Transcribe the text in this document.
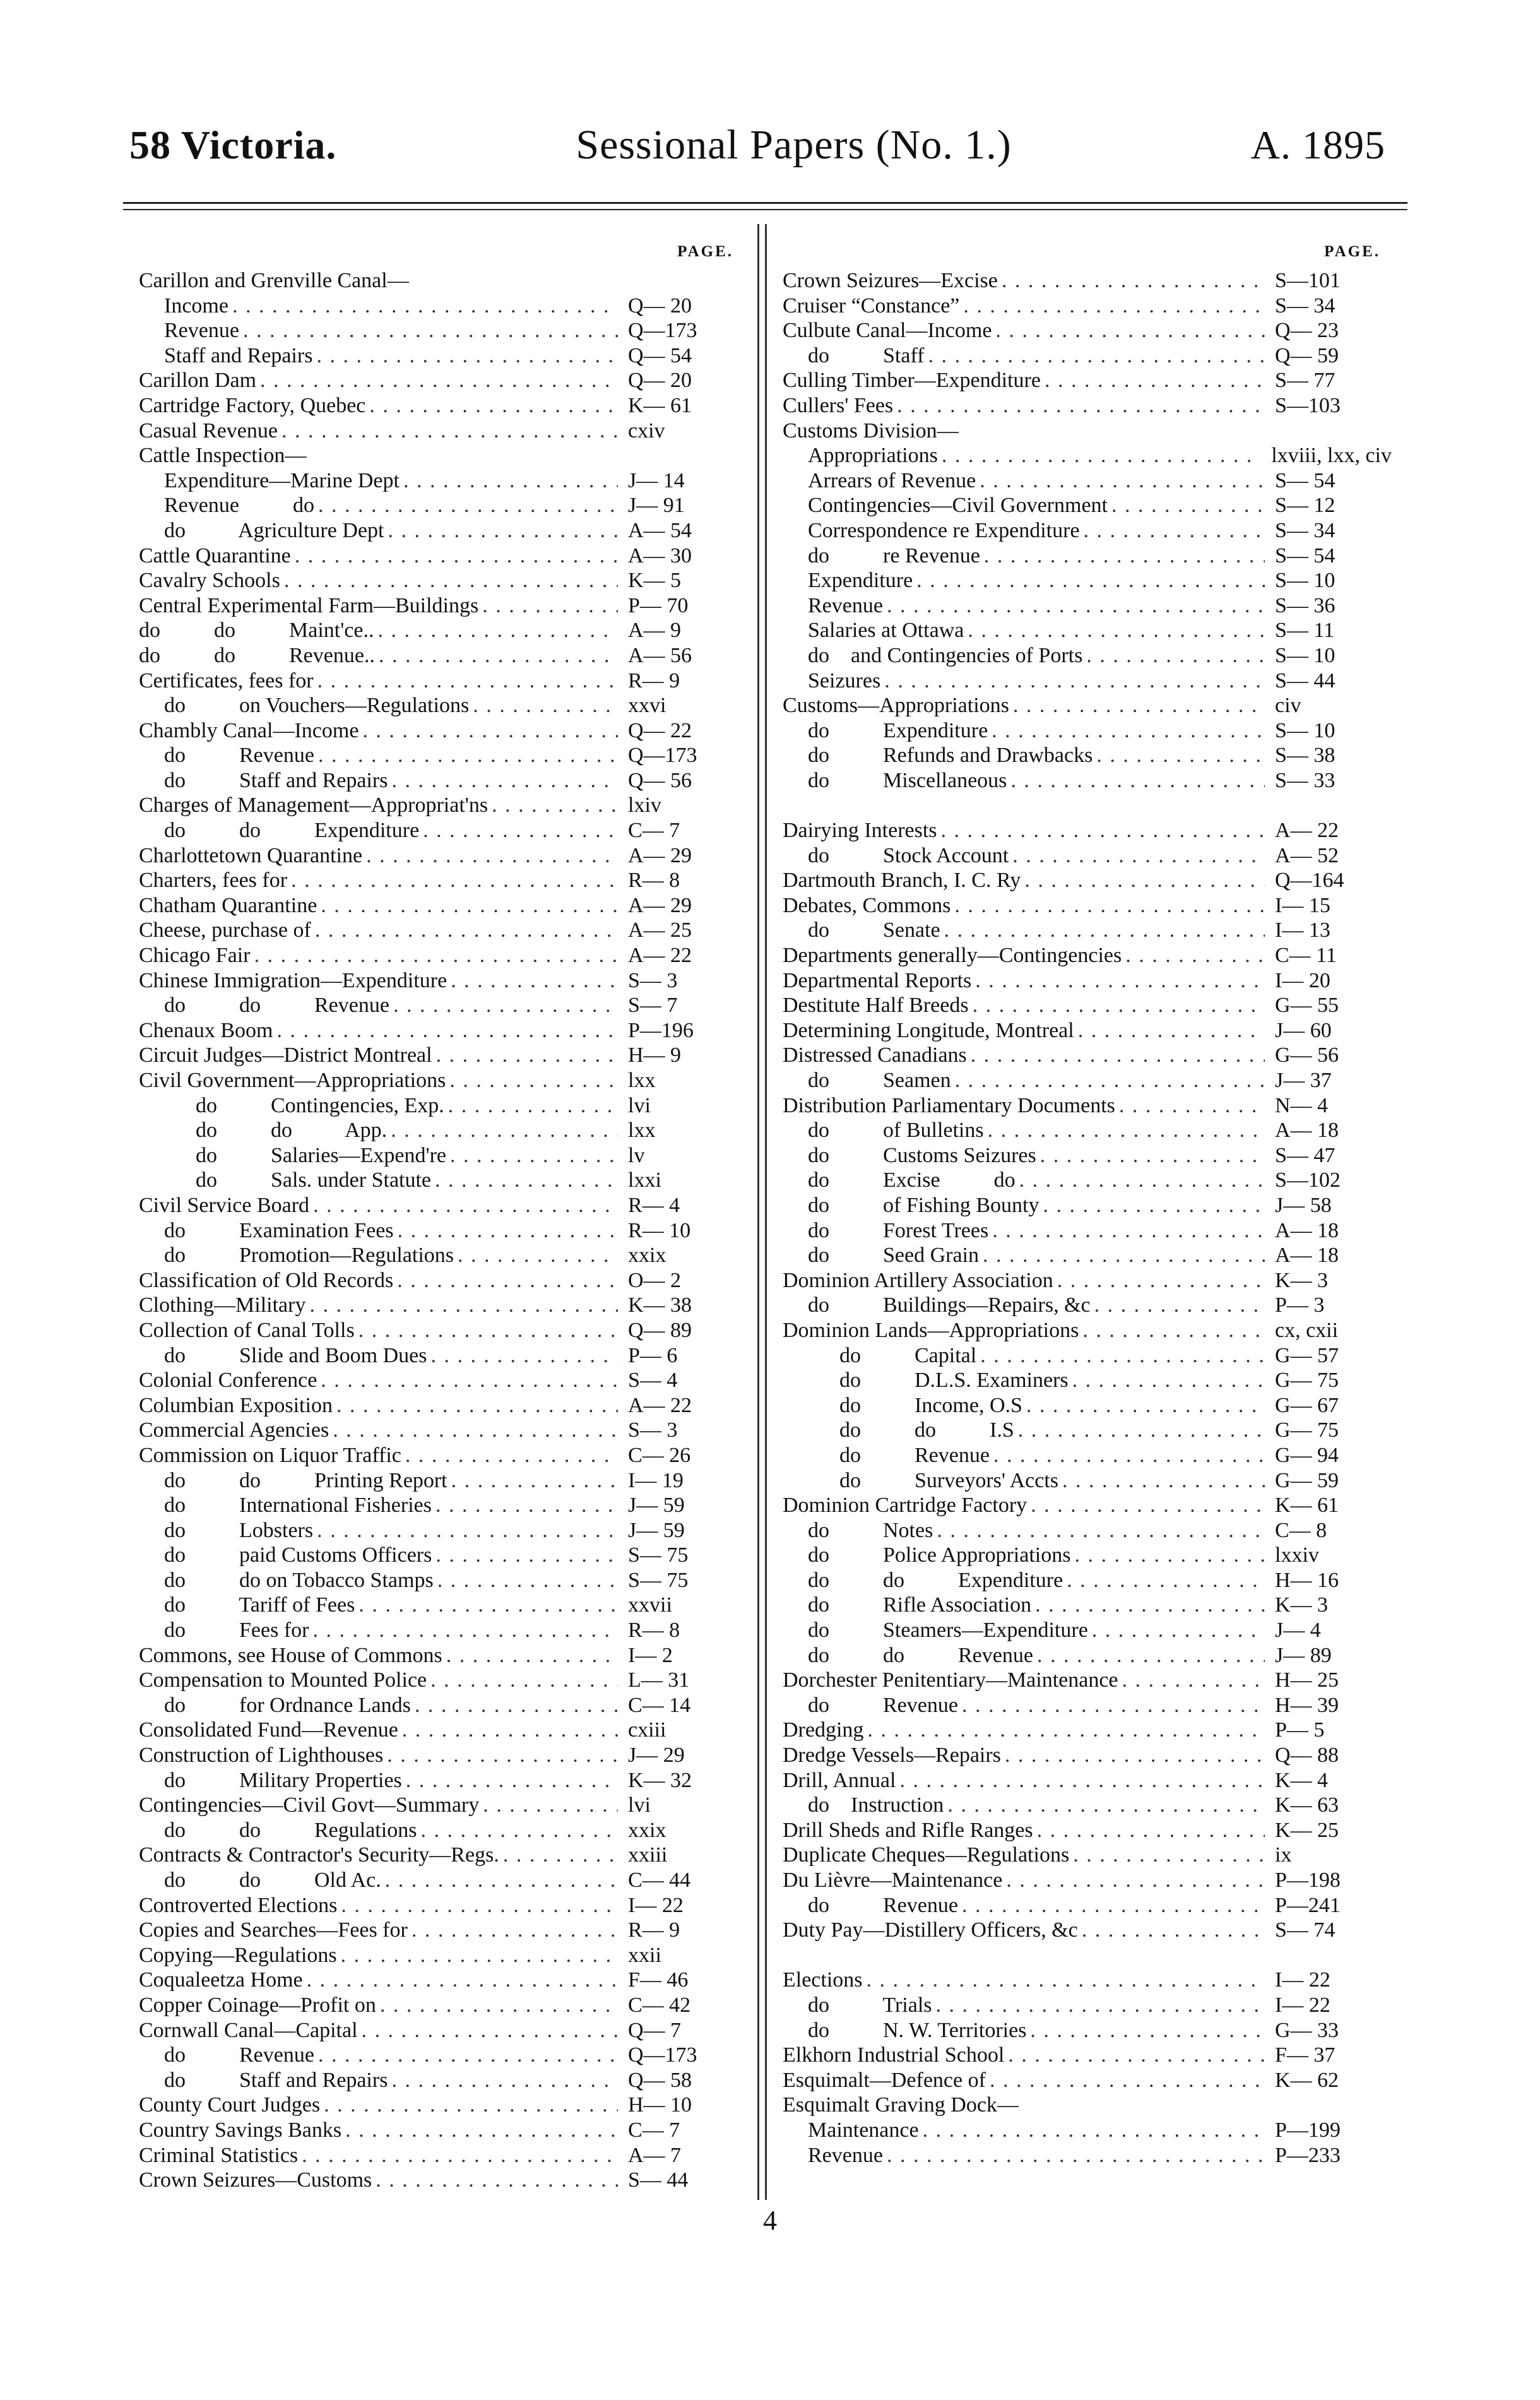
58 Victoria.	Sessional Papers (No. 1.)	A. 1895
PAGE.
Carillon and Grenville Canal—
Income . . .	Q— 20
Revenue . . .	Q—173
Staff and Repairs . . .	Q— 54
Carillon Dam . . .	Q— 20
Cartridge Factory, Quebec . . .	K— 61
Casual Revenue . . .	cxiv
Cattle Inspection—
Expenditure—Marine Dept . . .	J— 14
Revenue          do . . .	J— 91
do          Agriculture Dept . . .	A— 54
Cattle Quarantine . . .	A— 30
Cavalry Schools . . .	K— 5
Central Experimental Farm—Buildings . . .	P— 70
do          do          Maint'ce.. . . .	A— 9
do          do          Revenue.. . . .	A— 56
Certificates, fees for . . .	R— 9
do          on Vouchers—Regulations . . .	xxvi
Chambly Canal—Income . . .	Q— 22
do          Revenue . . .	Q—173
do          Staff and Repairs . . .	Q— 56
Charges of Management—Appropriat'ns . . .	lxiv
do          do          Expenditure . . .	C— 7
Charlottetown Quarantine . . .	A— 29
Charters, fees for . . .	R— 8
Chatham Quarantine . . .	A— 29
Cheese, purchase of . . .	A— 25
Chicago Fair . . .	A— 22
Chinese Immigration—Expenditure . . .	S— 3
do          do          Revenue . . .	S— 7
Chenaux Boom . . .	P—196
Circuit Judges—District Montreal . . .	H— 9
Civil Government—Appropriations . . .	lxx
do          Contingencies, Exp. . . .	lvi
do          do          App. . . .	lxx
do          Salaries—Expend're . . .	lv
do          Sals. under Statute . . .	lxxi
Civil Service Board . . .	R— 4
do          Examination Fees . . .	R— 10
do          Promotion—Regulations . . .	xxix
Classification of Old Records . . .	O— 2
Clothing—Military . . .	K— 38
Collection of Canal Tolls . . .	Q— 89
do          Slide and Boom Dues . . .	P— 6
Colonial Conference . . .	S— 4
Columbian Exposition . . .	A— 22
Commercial Agencies . . .	S— 3
Commission on Liquor Traffic . . .	C— 26
do          do          Printing Report . . .	I— 19
do          International Fisheries . . .	J— 59
do          Lobsters . . .	J— 59
do          paid Customs Officers . . .	S— 75
do          do on Tobacco Stamps . . .	S— 75
do          Tariff of Fees . . .	xxvii
do          Fees for . . .	R— 8
Commons, see House of Commons . . .	I— 2
Compensation to Mounted Police . . .	L— 31
do          for Ordnance Lands . . .	C— 14
Consolidated Fund—Revenue . . .	cxiii
Construction of Lighthouses . . .	J— 29
do          Military Properties . . .	K— 32
Contingencies—Civil Govt—Summary . . .	lvi
do          do          Regulations . . .	xxix
Contracts & Contractor's Security—Regs. . . .	xxiii
do          do          Old Ac. . . .	C— 44
Controverted Elections . . .	I— 22
Copies and Searches—Fees for . . .	R— 9
Copying—Regulations . . .	xxii
Coqualeetza Home . . .	F— 46
Copper Coinage—Profit on . . .	C— 42
Cornwall Canal—Capital . . .	Q— 7
do          Revenue . . .	Q—173
do          Staff and Repairs . . .	Q— 58
County Court Judges . . .	H— 10
Country Savings Banks . . .	C— 7
Criminal Statistics . . .	A— 7
Crown Seizures—Customs . . .	S— 44
PAGE.
Crown Seizures—Excise . . .	S—101
Cruiser “Constance” . . .	S— 34
Culbute Canal—Income . . .	Q— 23
do          Staff . . .	Q— 59
Culling Timber—Expenditure . . .	S— 77
Cullers' Fees . . .	S—103
Customs Division—
Appropriations . . .	lxviii, lxx, civ
Arrears of Revenue . . .	S— 54
Contingencies—Civil Government . . .	S— 12
Correspondence re Expenditure . . .	S— 34
do          re Revenue . . .	S— 54
Expenditure . . .	S— 10
Revenue . . .	S— 36
Salaries at Ottawa . . .	S— 11
do    and Contingencies of Ports . . .	S— 10
Seizures . . .	S— 44
Customs—Appropriations . . .	civ
do          Expenditure . . .	S— 10
do          Refunds and Drawbacks . . .	S— 38
do          Miscellaneous . . .	S— 33
Dairying Interests . . .	A— 22
do          Stock Account . . .	A— 52
Dartmouth Branch, I. C. Ry . . .	Q—164
Debates, Commons . . .	I— 15
do          Senate . . .	I— 13
Departments generally—Contingencies . . .	C— 11
Departmental Reports . . .	I— 20
Destitute Half Breeds . . .	G— 55
Determining Longitude, Montreal . . .	J— 60
Distressed Canadians . . .	G— 56
do          Seamen . . .	J— 37
Distribution Parliamentary Documents . . .	N— 4
do          of Bulletins . . .	A— 18
do          Customs Seizures . . .	S— 47
do          Excise          do . . .	S—102
do          of Fishing Bounty . . .	J— 58
do          Forest Trees . . .	A— 18
do          Seed Grain . . .	A— 18
Dominion Artillery Association . . .	K— 3
do          Buildings—Repairs, &c . . .	P— 3
Dominion Lands—Appropriations . . .	cx, cxii
do          Capital . . .	G— 57
do          D.L.S. Examiners . . .	G— 75
do          Income, O.S . . .	G— 67
do          do          I.S . . .	G— 75
do          Revenue . . .	G— 94
do          Surveyors' Accts . . .	G— 59
Dominion Cartridge Factory . . .	K— 61
do          Notes . . .	C— 8
do          Police Appropriations . . .	lxxiv
do          do          Expenditure . . .	H— 16
do          Rifle Association . . .	K— 3
do          Steamers—Expenditure . . .	J— 4
do          do          Revenue . . .	J— 89
Dorchester Penitentiary—Maintenance . . .	H— 25
do          Revenue . . .	H— 39
Dredging . . .	P— 5
Dredge Vessels—Repairs . . .	Q— 88
Drill, Annual . . .	K— 4
do    Instruction . . .	K— 63
Drill Sheds and Rifle Ranges . . .	K— 25
Duplicate Cheques—Regulations . . .	ix
Du Lièvre—Maintenance . . .	P—198
do          Revenue . . .	P—241
Duty Pay—Distillery Officers, &c . . .	S— 74
Elections . . .	I— 22
do          Trials . . .	I— 22
do          N. W. Territories . . .	G— 33
Elkhorn Industrial School . . .	F— 37
Esquimalt—Defence of . . .	K— 62
Esquimalt Graving Dock—
Maintenance . . .	P—199
Revenue . . .	P—233
4
